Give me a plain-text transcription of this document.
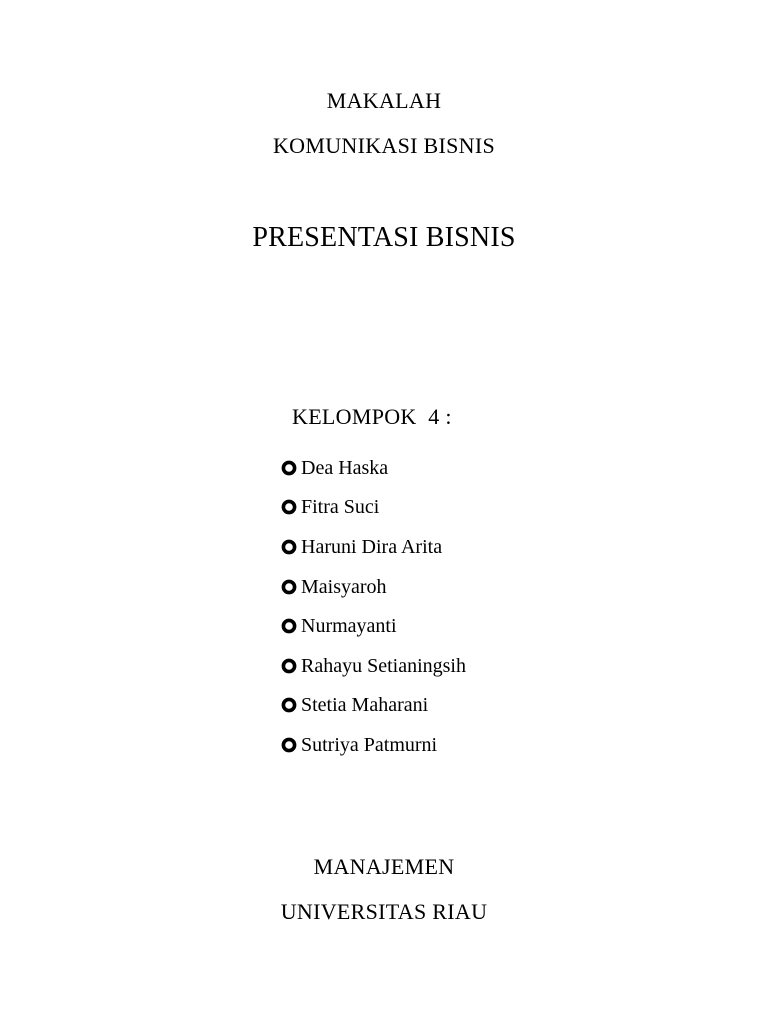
MAKALAH
KOMUNIKASI BISNIS
PRESENTASI BISNIS
KELOMPOK  4 :
Dea Haska
Fitra Suci
Haruni Dira Arita
Maisyaroh
Nurmayanti
Rahayu Setianingsih
Stetia Maharani
Sutriya Patmurni
MANAJEMEN
UNIVERSITAS RIAU
